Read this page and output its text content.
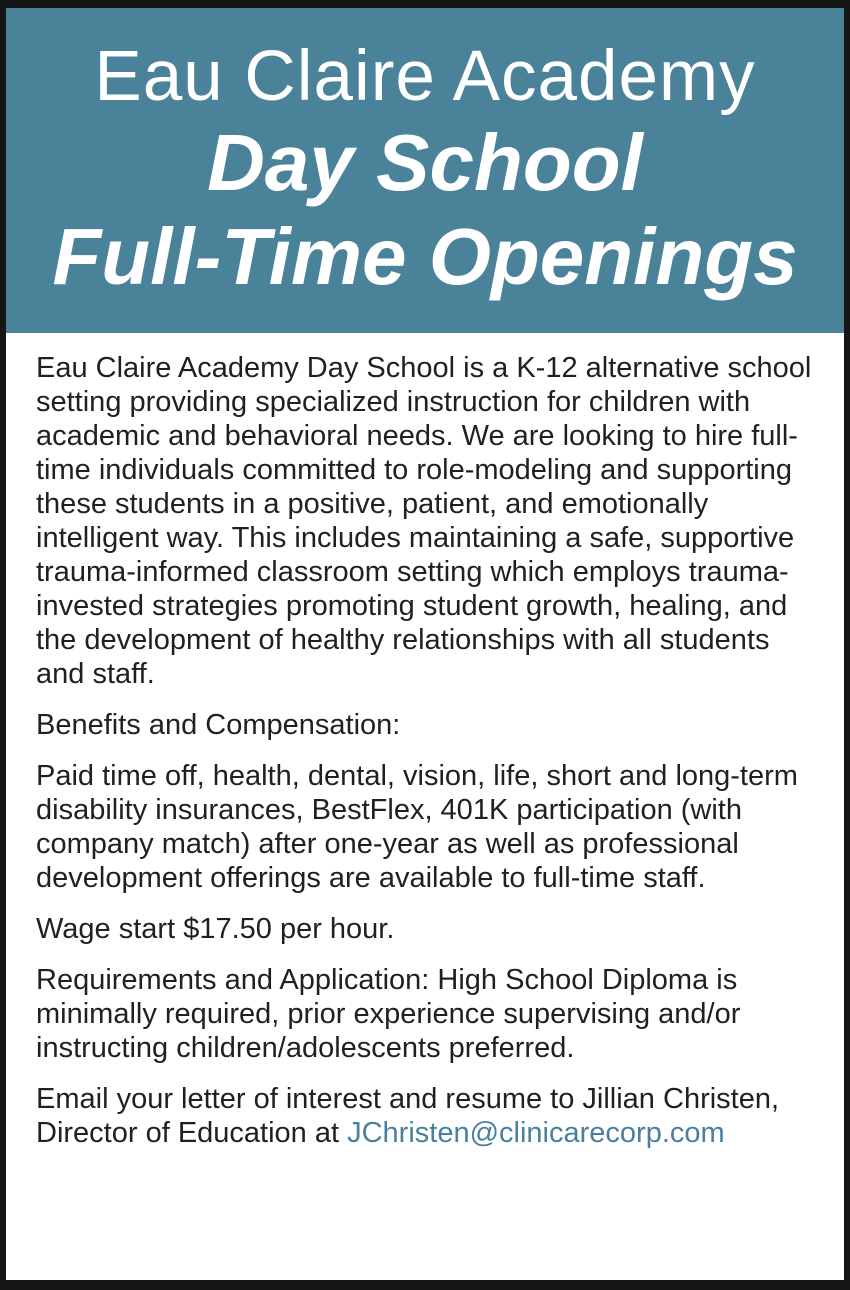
Eau Claire Academy
Day School
Full-Time Openings

Eau Claire Academy Day School is a K-12 alternative school setting providing specialized instruction for children with academic and behavioral needs. We are looking to hire full-time individuals committed to role-modeling and supporting these students in a positive, patient, and emotionally intelligent way. This includes maintaining a safe, supportive trauma-informed classroom setting which employs trauma-invested strategies promoting student growth, healing, and the development of healthy relationships with all students and staff.

Benefits and Compensation:

Paid time off, health, dental, vision, life, short and long-term disability insurances, BestFlex, 401K participation (with company match) after one-year as well as professional development offerings are available to full-time staff.

Wage start $17.50 per hour.

Requirements and Application: High School Diploma is minimally required, prior experience supervising and/or instructing children/adolescents preferred.

Email your letter of interest and resume to Jillian Christen, Director of Education at JChristen@clinicarecorp.com
